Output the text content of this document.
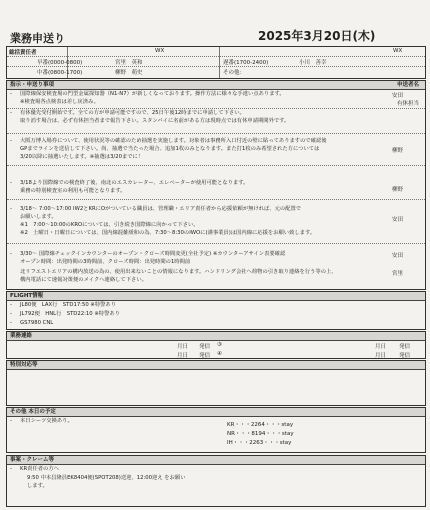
業務申送り	2025年3月20日(木)
総括責任者	WX	WX
早番(0000-0800)	宮里　英和	遅番(1700-2400)	小川　善幸
中番(0800-1700)	柳野　萌史	その他：
指示・申送り事項	申送者名
- 国際線保安検査場の門型金属探知器（N1-N7）が新しくなっております。操作方法に様々な手違い点あります。
※検査場各点検表は差し戻済み。
安田
- 有休優先受付開始です。全ての方が申請可能ですので、25日午後12時までに申請して下さい。
取り消す場合は、必ず有休担当者まで報告下さい。スタンバイに名前がある方は現時点では有休申請期間外です。
有休担当
- 大阪万博入場券について、使用状況等の確認のため抽選を実施します。対象者は事務所入口付近の壁に貼ってありますので確認後
GPまでラインを送信して下さい。尚、抽選で当たった場合、追加1枚のみとなります。また打1枚のみ希望された方については
3/20以降に抽選いたします。※抽選は3/20までに！
柳野
- 3/18より国際線での検査終了後、南北のエスカレーター、エレベーターが使用可能となります。
乗務の特別検査室の利用も可能となります。	柳野
- 3/18～ 7:00～17:00 IW2とKRにOがついている職員は、管理職・エリア責任者から応援依頼が無ければ、元の配置で
お願いします。
※1　7:00～10:00のKROについては、引き続き国際線に向かって下さい。
※2　土曜日・日曜日については、国内線混雑緩和の為、7:30～8:30のIWOに(謹事業員)は国内線に応援をお願い致します。
安田
- 3/30～ 国際線チェックインカウンターのオープン・クローズ時間変更(全社予定) ※カウンターアサイン表要確認
オープン時間：出発時間の3時間前、クローズ時間：出発時間の1時間前
北リフエストエリアの構内放送の為の、使用出来ないことの情報になります。ハンドリング会社へ荷物の引き取り連絡を行う等の上、
構内電話にて速報対策便のメイクへ連絡して下さい。
安田
宮里
FLIGHT情報
JL80便　LAX行　STD17:50 ※特警あり
-
JL792便　HNL行　STD22:10 ※特警あり
-
GS7980 CNL
-
業務連絡
月日 発信 ③	月日 発信
月日 発信 ④	月日 発信
特別対応等
その他 本日の予定
- 本日シーツ交換あり。
KR・・・2264・・・stay
NR・・・8194・・・stay
IH・・・2263・・・stay
事案・クレーム等
- KR責任者の方へ
9:50 中本昌隆員EK8404便(SPOT208)送迎、12:00迎え をお願い
します。
